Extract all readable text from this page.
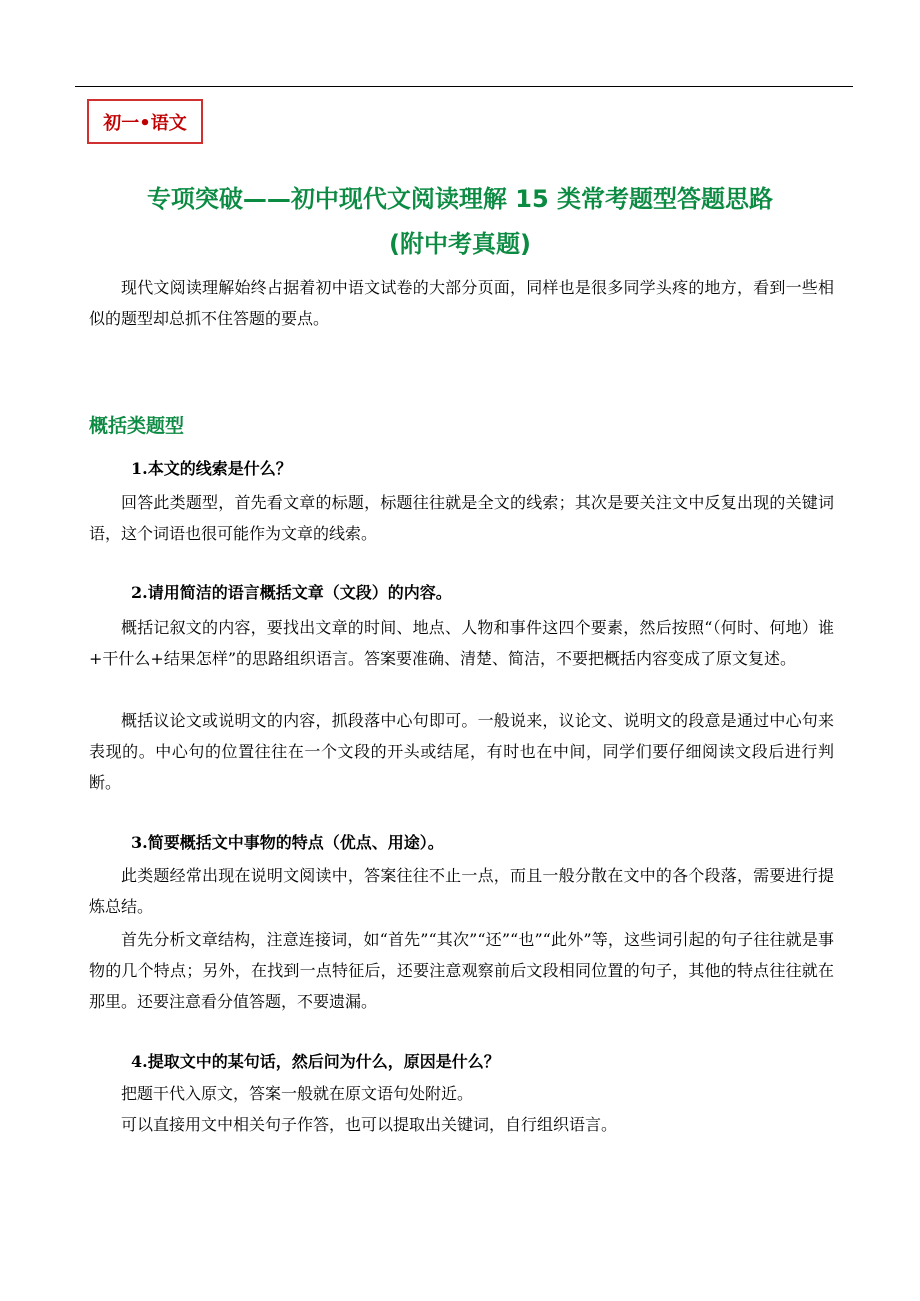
初一•语文
专项突破——初中现代文阅读理解 15 类常考题型答题思路
(附中考真题)

现代文阅读理解始终占据着初中语文试卷的大部分页面，同样也是很多同学头疼的地方，看到一些相似的题型却总抓不住答题的要点。

概括类题型
1.本文的线索是什么？

回答此类题型，首先看文章的标题，标题往往就是全文的线索；其次是要关注文中反复出现的关键词语，这个词语也很可能作为文章的线索。

2.请用简洁的语言概括文章（文段）的内容。

概括记叙文的内容，要找出文章的时间、地点、人物和事件这四个要素，然后按照“（何时、何地）谁+干什么+结果怎样”的思路组织语言。答案要准确、清楚、简洁，不要把概括内容变成了原文复述。

概括议论文或说明文的内容，抓段落中心句即可。一般说来，议论文、说明文的段意是通过中心句来表现的。中心句的位置往往在一个文段的开头或结尾，有时也在中间，同学们要仔细阅读文段后进行判断。

3.简要概括文中事物的特点（优点、用途）。

此类题经常出现在说明文阅读中，答案往往不止一点，而且一般分散在文中的各个段落，需要进行提炼总结。

首先分析文章结构，注意连接词，如“首先”“其次”“还”“也”“此外”等，这些词引起的句子往往就是事物的几个特点；另外，在找到一点特征后，还要注意观察前后文段相同位置的句子，其他的特点往往就在那里。还要注意看分值答题，不要遗漏。

4.提取文中的某句话，然后问为什么，原因是什么？

把题干代入原文，答案一般就在原文语句处附近。

可以直接用文中相关句子作答，也可以提取出关键词，自行组织语言。
